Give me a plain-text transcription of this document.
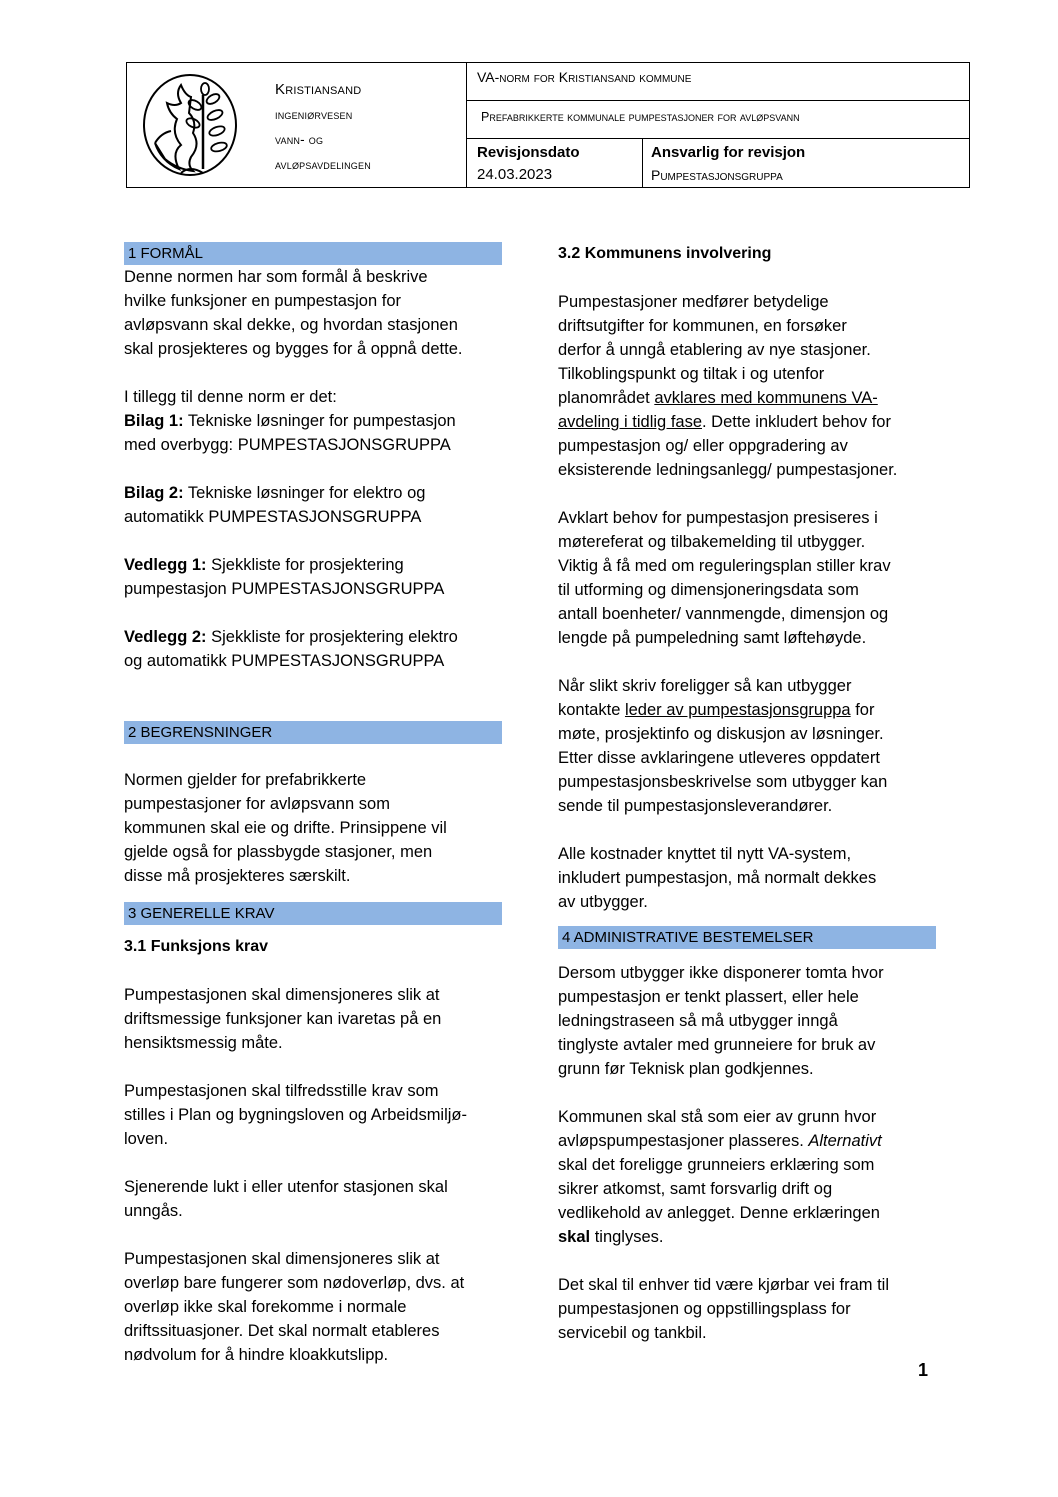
Kristiansand
ingeniørvesen
vann- og
avløpsavdelingen
VA-norm for Kristiansand kommune
Prefabrikkerte kommunale pumpestasjoner for avløpsvann
Revisjonsdato
24.03.2023
Ansvarlig for revisjon
Pumpestasjonsgruppa
1 FORMÅL

Denne normen har som formål å beskrive

hvilke funksjoner en pumpestasjon for

avløpsvann skal dekke, og hvordan stasjonen

skal prosjekteres og bygges for å oppnå dette.

I tillegg til denne norm er det:

Bilag 1: Tekniske løsninger for pumpestasjon

med overbygg: PUMPESTASJONSGRUPPA

Bilag 2: Tekniske løsninger for elektro og

automatikk PUMPESTASJONSGRUPPA

Vedlegg 1: Sjekkliste for prosjektering

pumpestasjon PUMPESTASJONSGRUPPA

Vedlegg 2: Sjekkliste for prosjektering elektro

og automatikk PUMPESTASJONSGRUPPA

2 BEGRENSNINGER

Normen gjelder for prefabrikkerte

pumpestasjoner for avløpsvann som

kommunen skal eie og drifte. Prinsippene vil

gjelde også for plassbygde stasjoner, men

disse må prosjekteres særskilt.

3 GENERELLE KRAV

3.1 Funksjons krav

Pumpestasjonen skal dimensjoneres slik at

driftsmessige funksjoner kan ivaretas på en

hensiktsmessig måte.

Pumpestasjonen skal tilfredsstille krav som

stilles i Plan og bygningsloven og Arbeidsmiljø-

loven.

Sjenerende lukt i eller utenfor stasjonen skal

unngås.

Pumpestasjonen skal dimensjoneres slik at

overløp bare fungerer som nødoverløp, dvs. at

overløp ikke skal forekomme i normale

driftssituasjoner. Det skal normalt etableres

nødvolum for å hindre kloakkutslipp.

3.2 Kommunens involvering

Pumpestasjoner medfører betydelige

driftsutgifter for kommunen, en forsøker

derfor å unngå etablering av nye stasjoner.

Tilkoblingspunkt og tiltak i og utenfor

planområdet avklares med kommunens VA-

avdeling i tidlig fase. Dette inkludert behov for

pumpestasjon og/ eller oppgradering av

eksisterende ledningsanlegg/ pumpestasjoner.

Avklart behov for pumpestasjon presiseres i

møtereferat og tilbakemelding til utbygger.

Viktig å få med om reguleringsplan stiller krav

til utforming og dimensjoneringsdata som

antall boenheter/ vannmengde, dimensjon og

lengde på pumpeledning samt løftehøyde.

Når slikt skriv foreligger så kan utbygger

kontakte leder av pumpestasjonsgruppa for

møte, prosjektinfo og diskusjon av løsninger.

Etter disse avklaringene utleveres oppdatert

pumpestasjonsbeskrivelse som utbygger kan

sende til pumpestasjonsleverandører.

Alle kostnader knyttet til nytt VA-system,

inkludert pumpestasjon, må normalt dekkes

av utbygger.

4 ADMINISTRATIVE BESTEMELSER

Dersom utbygger ikke disponerer tomta hvor

pumpestasjon er tenkt plassert, eller hele

ledningstraseen så må utbygger inngå

tinglyste avtaler med grunneiere for bruk av

grunn før Teknisk plan godkjennes.

Kommunen skal stå som eier av grunn hvor

avløpspumpestasjoner plasseres. Alternativt

skal det foreligge grunneiers erklæring som

sikrer atkomst, samt forsvarlig drift og

vedlikehold av anlegget. Denne erklæringen

skal tinglyses.

Det skal til enhver tid være kjørbar vei fram til

pumpestasjonen og oppstillingsplass for

servicebil og tankbil.

1
